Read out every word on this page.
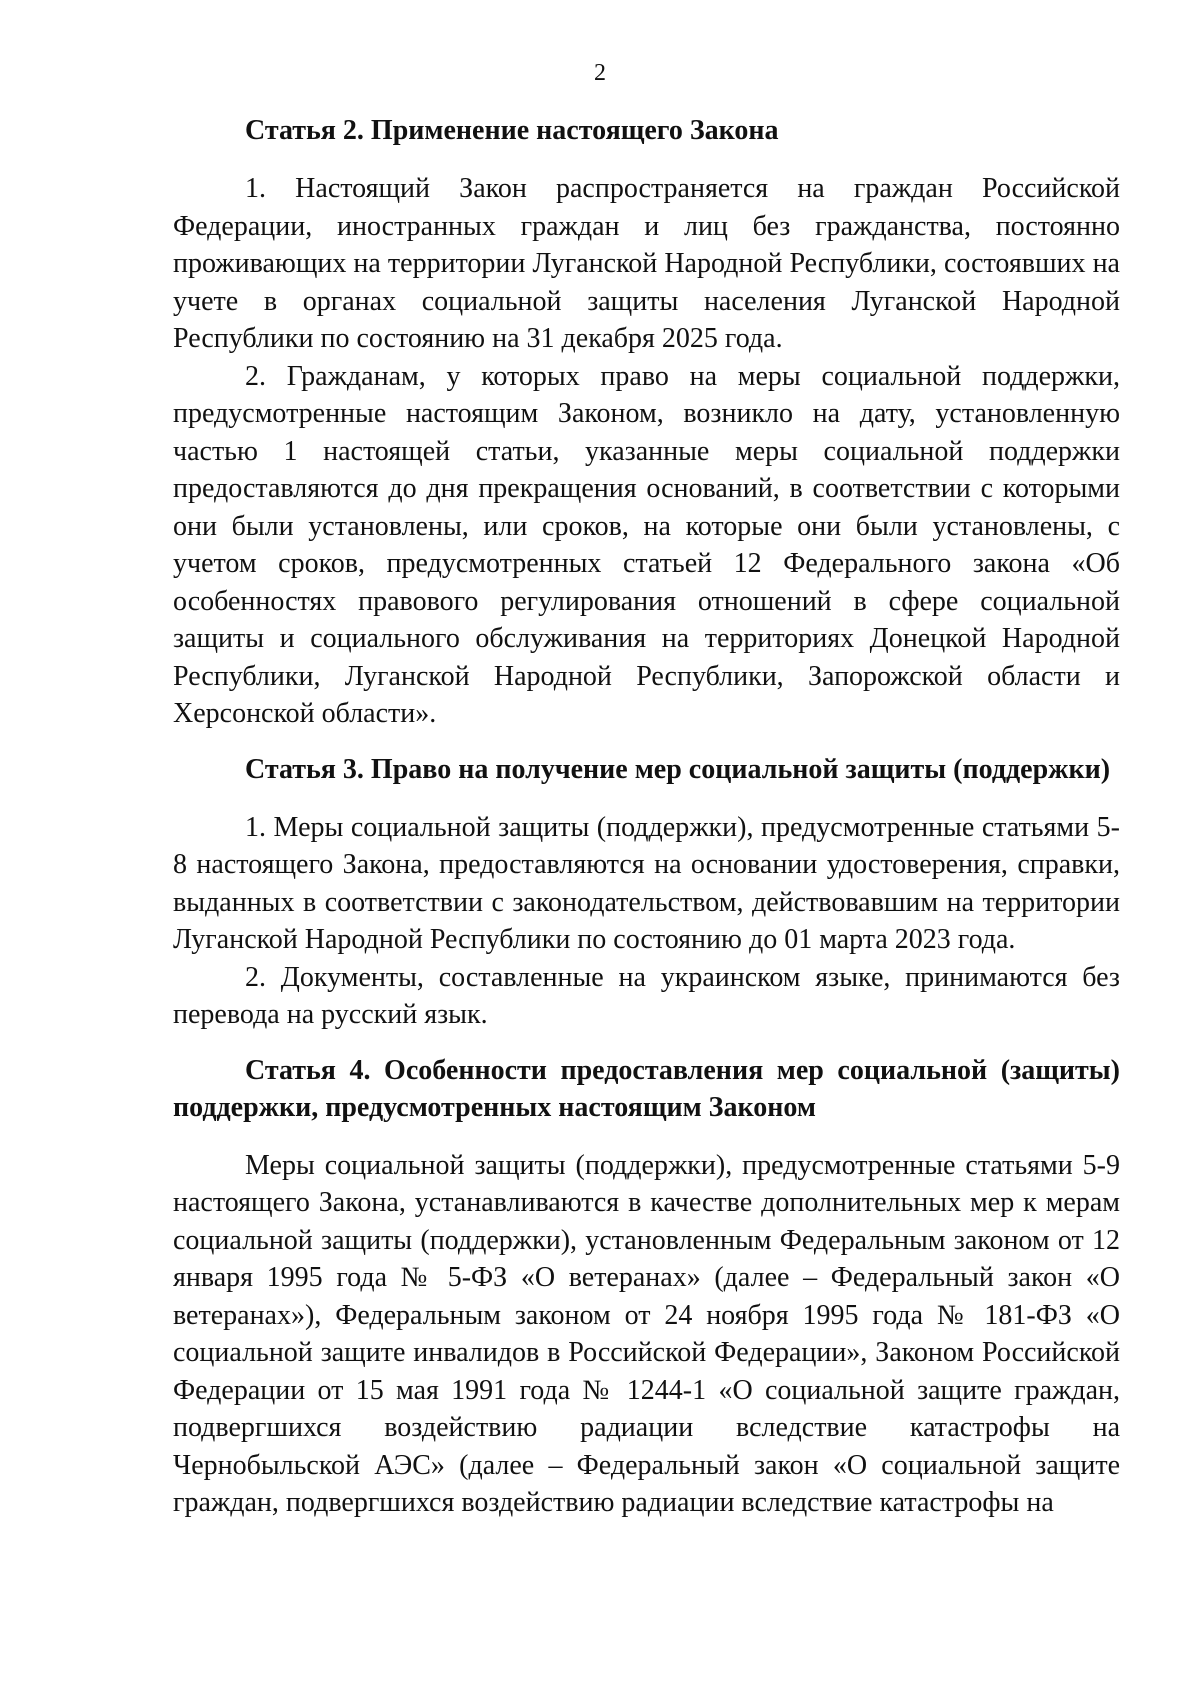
2

Статья 2. Применение настоящего Закона

1. Настоящий Закон распространяется на граждан Российской Федерации, иностранных граждан и лиц без гражданства, постоянно проживающих на территории Луганской Народной Республики, состоявших на учете в органах социальной защиты населения Луганской Народной Республики по состоянию на 31 декабря 2025 года.

2. Гражданам, у которых право на меры социальной поддержки, предусмотренные настоящим Законом, возникло на дату, установленную частью 1 настоящей статьи, указанные меры социальной поддержки предоставляются до дня прекращения оснований, в соответствии с которыми они были установлены, или сроков, на которые они были установлены, с учетом сроков, предусмотренных статьей 12 Федерального закона «Об особенностях правового регулирования отношений в сфере социальной защиты и социального обслуживания на территориях Донецкой Народной Республики, Луганской Народной Республики, Запорожской области и Херсонской области».

Статья 3. Право на получение мер социальной защиты (поддержки)

1. Меры социальной защиты (поддержки), предусмотренные статьями 5-8 настоящего Закона, предоставляются на основании удостоверения, справки, выданных в соответствии с законодательством, действовавшим на территории Луганской Народной Республики по состоянию до 01 марта 2023 года.

2. Документы, составленные на украинском языке, принимаются без перевода на русский язык.

Статья 4. Особенности предоставления мер социальной (защиты) поддержки, предусмотренных настоящим Законом

Меры социальной защиты (поддержки), предусмотренные статьями 5-9 настоящего Закона, устанавливаются в качестве дополнительных мер к мерам социальной защиты (поддержки), установленным Федеральным законом от 12 января 1995 года № 5-ФЗ «О ветеранах» (далее – Федеральный закон «О ветеранах»), Федеральным законом от 24 ноября 1995 года № 181-ФЗ «О социальной защите инвалидов в Российской Федерации», Законом Российской Федерации от 15 мая 1991 года № 1244-1 «О социальной защите граждан, подвергшихся воздействию радиации вследствие катастрофы на Чернобыльской АЭС» (далее – Федеральный закон «О социальной защите граждан, подвергшихся воздействию радиации вследствие катастрофы на
